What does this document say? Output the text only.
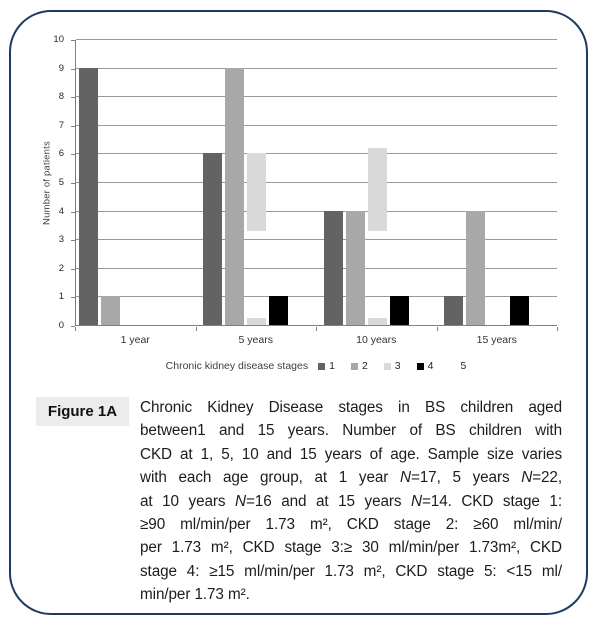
Number of patients
0
1
2
3
4
5
6
7
8
9
10
1 year	5 years	10 years	15 years
Chronic kidney disease stages 1	2	3	4	5
Figure 1A	Chronic Kidney Disease stages in BS children aged
between1 and 15 years. Number of BS children with
CKD at 1, 5, 10 and 15 years of age. Sample size varies
with each age group, at 1 year N=17, 5 years N=22,
at 10 years N=16 and at 15 years N=14. CKD stage 1:
≥90 ml/min/per 1.73 m², CKD stage 2: ≥60 ml/min/
per 1.73 m², CKD stage 3:≥ 30 ml/min/per 1.73m², CKD
stage 4: ≥15 ml/min/per 1.73 m², CKD stage 5: <15 ml/
min/per 1.73 m².
